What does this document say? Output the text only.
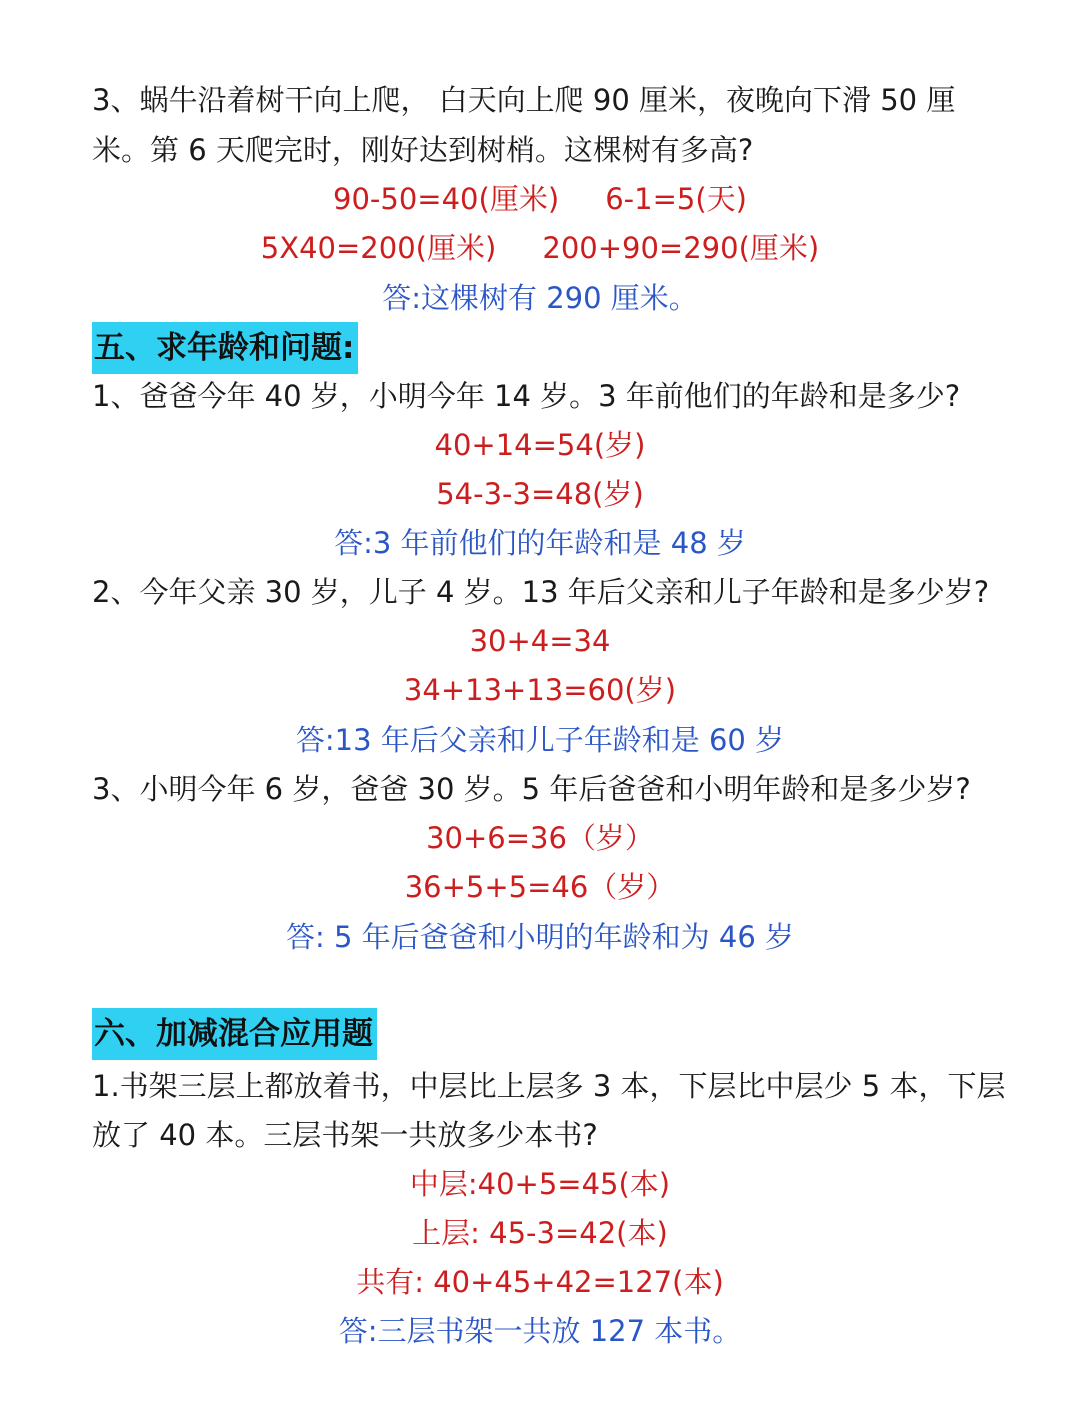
3、蜗牛沿着树干向上爬， 白天向上爬 90 厘米，夜晚向下滑 50 厘
米。第 6 天爬完时，刚好达到树梢。这棵树有多高?
90-50=40(厘米)     6-1=5(天)
5X40=200(厘米)     200+90=290(厘米)
答:这棵树有 290 厘米。
五、求年龄和问题:
1、爸爸今年 40 岁，小明今年 14 岁。3 年前他们的年龄和是多少?
40+14=54(岁)
54-3-3=48(岁)
答:3 年前他们的年龄和是 48 岁
2、今年父亲 30 岁，儿子 4 岁。13 年后父亲和儿子年龄和是多少岁?
30+4=34
34+13+13=60(岁)
答:13 年后父亲和儿子年龄和是 60 岁
3、小明今年 6 岁，爸爸 30 岁。5 年后爸爸和小明年龄和是多少岁?
30+6=36（岁）
36+5+5=46（岁）
答: 5 年后爸爸和小明的年龄和为 46 岁
六、加减混合应用题
1.书架三层上都放着书，中层比上层多 3 本，下层比中层少 5 本，下层
放了 40 本。三层书架一共放多少本书?
中层:40+5=45(本)
上层: 45-3=42(本)
共有: 40+45+42=127(本)
答:三层书架一共放 127 本书。
